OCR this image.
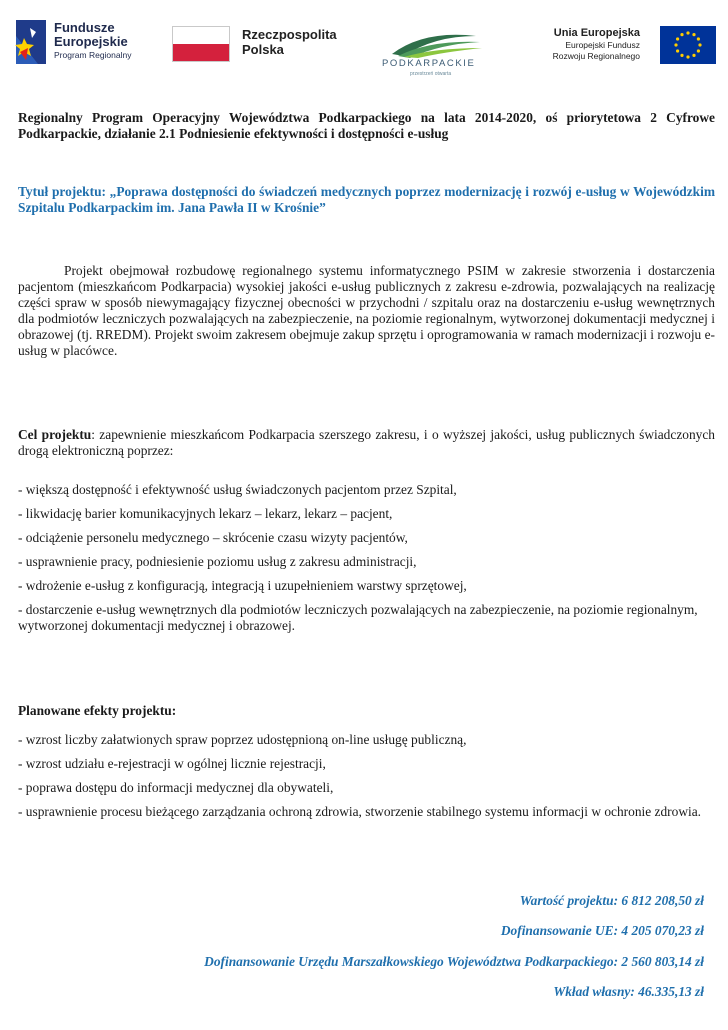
Fundusze
Europejskie
Program Regionalny
Rzeczpospolita
Polska
PODKARPACKIE
przestrzeń otwarta
Unia Europejska
Europejski Fundusz
Rozwoju Regionalnego
Regionalny Program Operacyjny Województwa Podkarpackiego na lata 2014-2020, oś priorytetowa 2 Cyfrowe Podkarpackie, działanie 2.1 Podniesienie efektywności i dostępności e-usług
Tytuł projektu: „Poprawa dostępności do świadczeń medycznych poprzez modernizację i rozwój e-usług w Wojewódzkim Szpitalu Podkarpackim im. Jana Pawła II w Krośnie”
Projekt obejmował rozbudowę regionalnego systemu informatycznego PSIM w zakresie stworzenia i dostarczenia pacjentom (mieszkańcom Podkarpacia) wysokiej jakości e-usług publicznych z zakresu e-zdrowia, pozwalających na realizację części spraw w sposób niewymagający fizycznej obecności w przychodni / szpitalu oraz na dostarczeniu e-usług wewnętrznych dla podmiotów leczniczych pozwalających na zabezpieczenie, na poziomie regionalnym, wytworzonej dokumentacji medycznej i obrazowej (tj. RREDM). Projekt swoim zakresem obejmuje zakup sprzętu i oprogramowania w ramach modernizacji i rozwoju e-usług w placówce.
Cel projektu: zapewnienie mieszkańcom Podkarpacia szerszego zakresu, i o wyższej jakości, usług publicznych świadczonych drogą elektroniczną poprzez:
- większą dostępność i efektywność usług świadczonych pacjentom przez Szpital,
- likwidację barier komunikacyjnych lekarz – lekarz, lekarz – pacjent,
- odciążenie personelu medycznego – skrócenie czasu wizyty pacjentów,
- usprawnienie pracy, podniesienie poziomu usług z zakresu administracji,
- wdrożenie e-usług z konfiguracją, integracją i uzupełnieniem warstwy sprzętowej,
- dostarczenie e-usług wewnętrznych dla podmiotów leczniczych pozwalających na zabezpieczenie, na poziomie regionalnym, wytworzonej dokumentacji medycznej i obrazowej.
Planowane efekty projektu:
- wzrost liczby załatwionych spraw poprzez udostępnioną on-line usługę publiczną,
- wzrost udziału e-rejestracji w ogólnej licznie rejestracji,
- poprawa dostępu do informacji medycznej dla obywateli,
- usprawnienie procesu bieżącego zarządzania ochroną zdrowia, stworzenie stabilnego systemu informacji w ochronie zdrowia.
Wartość projektu: 6 812 208,50 zł
Dofinansowanie UE: 4 205 070,23 zł
Dofinansowanie Urzędu Marszałkowskiego Województwa Podkarpackiego: 2 560 803,14 zł
Wkład własny: 46.335,13 zł
